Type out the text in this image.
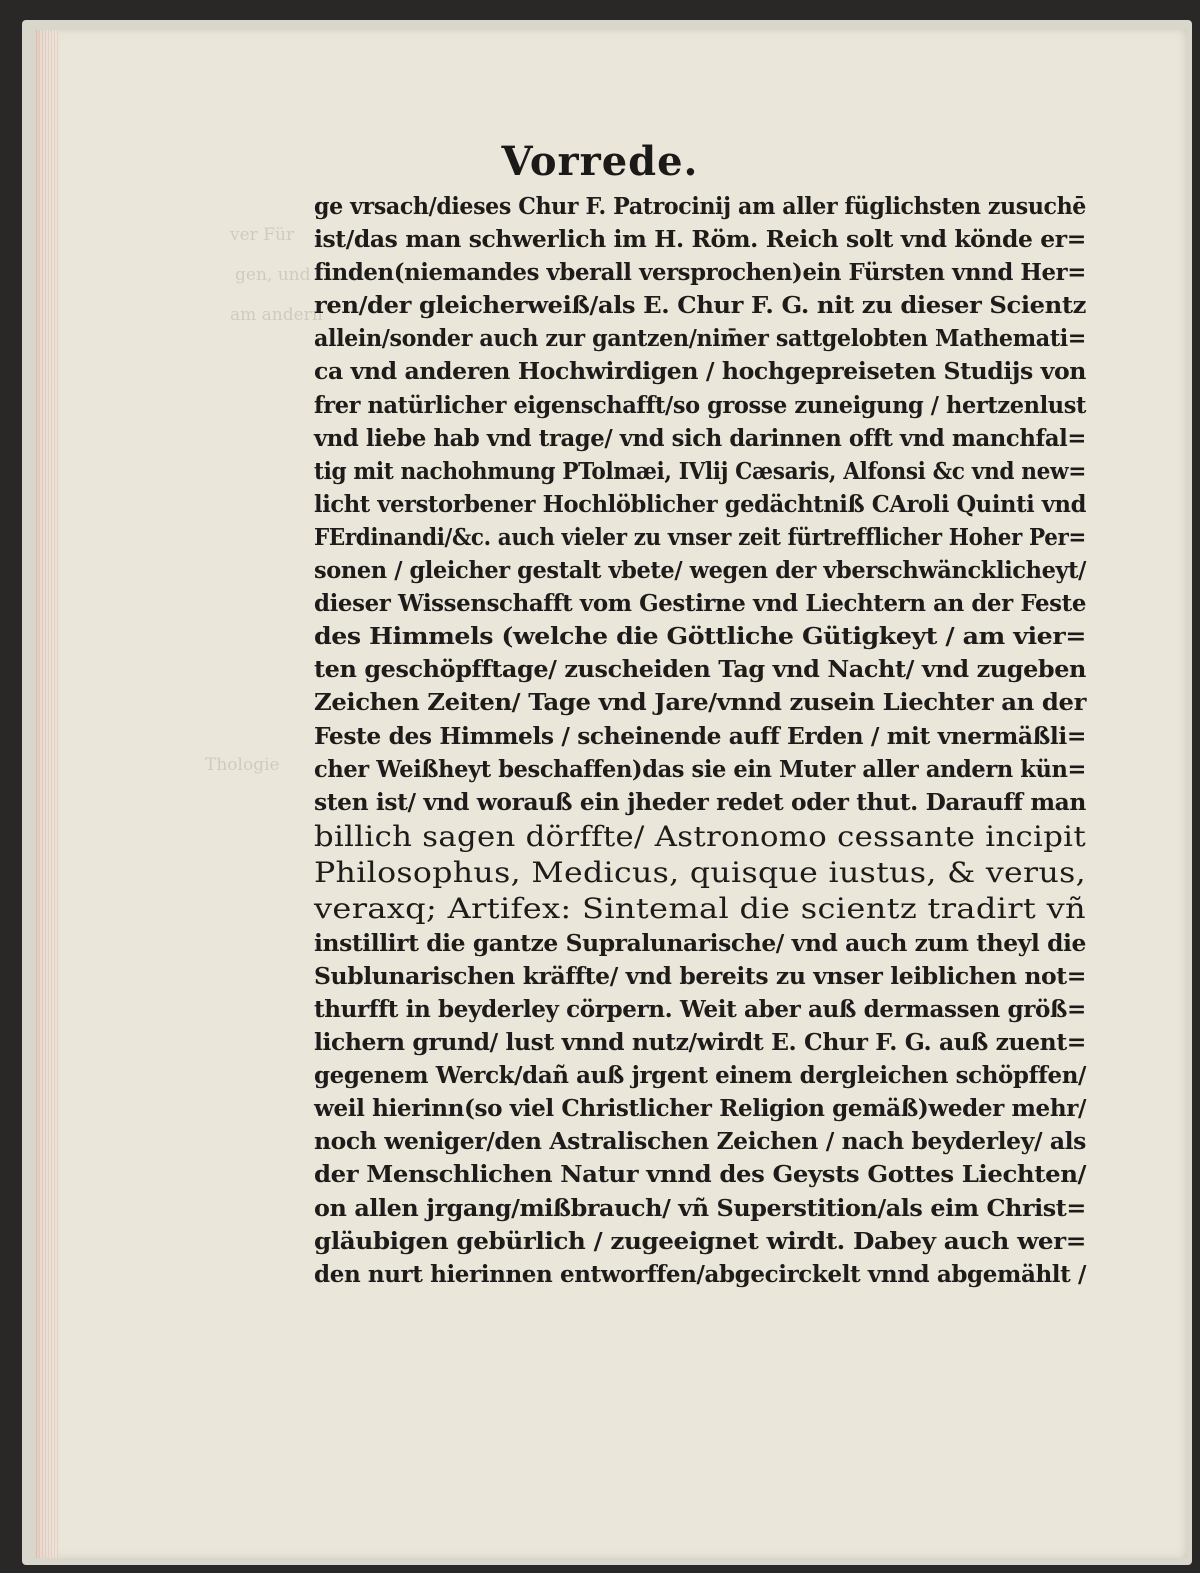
ver Für
gen, und
am andern
Thologie
Vorrede.
ge vrsach/dieses Chur F. Patrocinij am aller füglichsten zusuchē
ist/das man schwerlich im H. Röm. Reich solt vnd könde er=
finden(niemandes vberall versprochen)ein Fürsten vnnd Her=
ren/der gleicherweiß/als E. Chur F. G. nit zu dieser Scientz
allein/sonder auch zur gantzen/nim̄er sattgelobten Mathemati=
ca vnd anderen Hochwirdigen / hochgepreiseten Studijs von
frer natürlicher eigenschafft/so grosse zuneigung / hertzenlust
vnd liebe hab vnd trage/ vnd sich darinnen offt vnd manchfal=
tig mit nachohmung PTolmæi, IVlij Cæsaris, Alfonsi &c vnd new=
licht verstorbener Hochlöblicher gedächtniß CAroli Quinti vnd
FErdinandi/&c. auch vieler zu vnser zeit fürtrefflicher Hoher Per=
sonen / gleicher gestalt vbete/ wegen der vberschwäncklicheyt/
dieser Wissenschafft vom Gestirne vnd Liechtern an der Feste
des Himmels (welche die Göttliche Gütigkeyt / am vier=
ten geschöpfftage/ zuscheiden Tag vnd Nacht/ vnd zugeben
Zeichen Zeiten/ Tage vnd Jare/vnnd zusein Liechter an der
Feste des Himmels / scheinende auff Erden / mit vnermäßli=
cher Weißheyt beschaffen)das sie ein Muter aller andern kün=
sten ist/ vnd worauß ein jheder redet oder thut. Darauff man
billich sagen dörffte/ Astronomo cessante incipit
Philosophus, Medicus, quisque iustus, & verus,
veraxq; Artifex: Sintemal die scientz tradirt vñ
instillirt die gantze Supralunarische/ vnd auch zum theyl die
Sublunarischen kräffte/ vnd bereits zu vnser leiblichen not=
thurfft in beyderley cörpern. Weit aber auß dermassen größ=
lichern grund/ lust vnnd nutz/wirdt E. Chur F. G. auß zuent=
gegenem Werck/dañ auß jrgent einem dergleichen schöpffen/
weil hierinn(so viel Christlicher Religion gemäß)weder mehr/
noch weniger/den Astralischen Zeichen / nach beyderley/ als
der Menschlichen Natur vnnd des Geysts Gottes Liechten/
on allen jrgang/mißbrauch/ vñ Superstition/als eim Christ=
gläubigen gebürlich / zugeeignet wirdt. Dabey auch wer=
den nurt hierinnen entworffen/abgecirckelt vnnd abgemählt /
